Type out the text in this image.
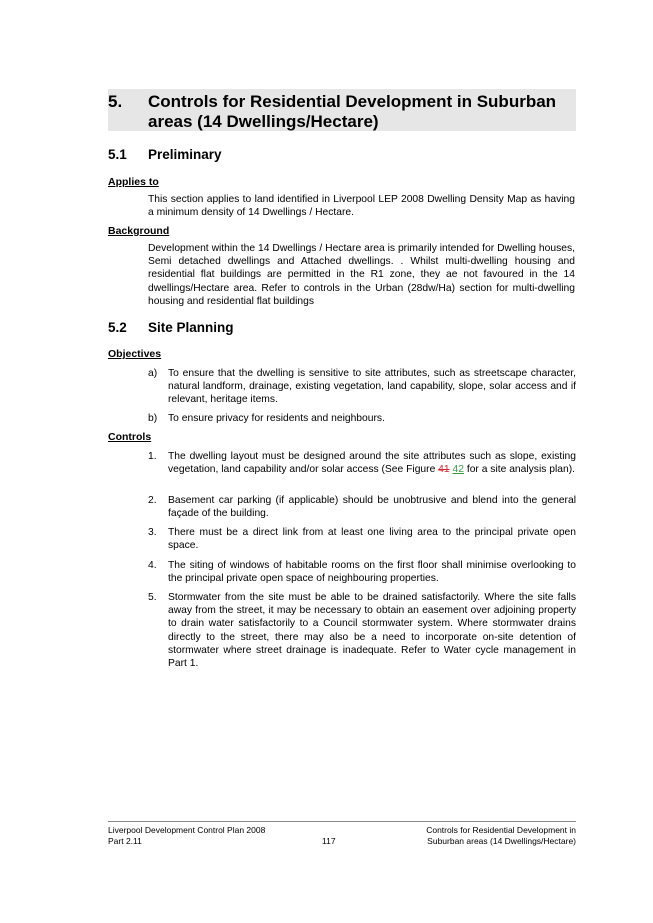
5. Controls for Residential Development in Suburban areas (14 Dwellings/Hectare)
5.1 Preliminary
Applies to
This section applies to land identified in Liverpool LEP 2008 Dwelling Density Map as having a minimum density of 14 Dwellings / Hectare.
Background
Development within the 14 Dwellings / Hectare area is primarily intended for Dwelling houses, Semi detached dwellings and Attached dwellings. . Whilst multi-dwelling housing and residential flat buildings are permitted in the R1 zone, they ae not favoured in the 14 dwellings/Hectare area. Refer to controls in the Urban (28dw/Ha) section for multi-dwelling housing and residential flat buildings
5.2 Site Planning
Objectives
a) To ensure that the dwelling is sensitive to site attributes, such as streetscape character, natural landform, drainage, existing vegetation, land capability, slope, solar access and if relevant, heritage items.
b) To ensure privacy for residents and neighbours.
Controls
1. The dwelling layout must be designed around the site attributes such as slope, existing vegetation, land capability and/or solar access (See Figure 41 42 for a site analysis plan).
2. Basement car parking (if applicable) should be unobtrusive and blend into the general façade of the building.
3. There must be a direct link from at least one living area to the principal private open space.
4. The siting of windows of habitable rooms on the first floor shall minimise overlooking to the principal private open space of neighbouring properties.
5. Stormwater from the site must be able to be drained satisfactorily. Where the site falls away from the street, it may be necessary to obtain an easement over adjoining property to drain water satisfactorily to a Council stormwater system. Where stormwater drains directly to the street, there may also be a need to incorporate on-site detention of stormwater where street drainage is inadequate. Refer to Water cycle management in Part 1.
Liverpool Development Control Plan 2008
Part 2.11	117
Controls for Residential Development in
Suburban areas (14 Dwellings/Hectare)
